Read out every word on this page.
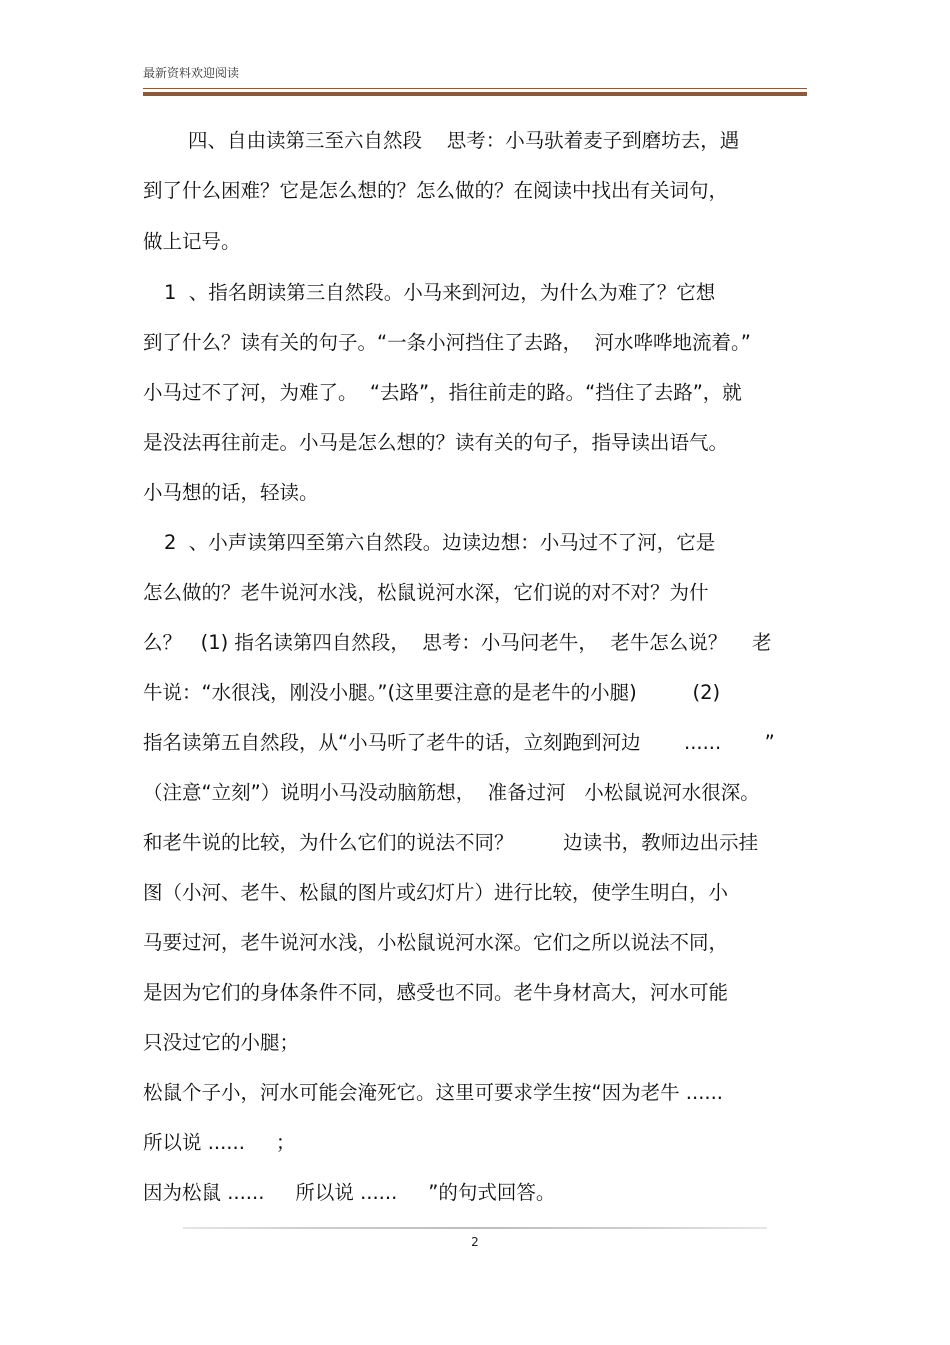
最新资料欢迎阅读
四、自由读第三至六自然段    思考：小马驮着麦子到磨坊去，遇
到了什么困难？它是怎么想的？怎么做的？在阅读中找出有关词句，
做上记号。
1  、指名朗读第三自然段。小马来到河边，为什么为难了？它想
到了什么？读有关的句子。“一条小河挡住了去路，  河水哗哗地流着。”
小马过不了河，为难了。  “去路”，指往前走的路。“挡住了去路”，就
是没法再往前走。小马是怎么想的？读有关的句子，指导读出语气。
小马想的话，轻读。
2  、小声读第四至第六自然段。边读边想：小马过不了河，它是
怎么做的？老牛说河水浅，松鼠说河水深，它们说的对不对？为什
么？   (1) 指名读第四自然段，  思考：小马问老牛，  老牛怎么说？    老
牛说：“水很浅，刚没小腿。”(这里要注意的是老牛的小腿)         (2)
指名读第五自然段，从“小马听了老牛的话，立刻跑到河边       ......       ”
（注意“立刻”）说明小马没动脑筋想，  准备过河   小松鼠说河水很深。
和老牛说的比较，为什么它们的说法不同？        边读书，教师边出示挂
图（小河、老牛、松鼠的图片或幻灯片）进行比较，使学生明白，小
马要过河，老牛说河水浅，小松鼠说河水深。它们之所以说法不同，
是因为它们的身体条件不同，感受也不同。老牛身材高大，河水可能
只没过它的小腿；
松鼠个子小，河水可能会淹死它。这里可要求学生按“因为老牛 ......
所以说 ......     ；
因为松鼠 ......     所以说 ......     ”的句式回答。
2
